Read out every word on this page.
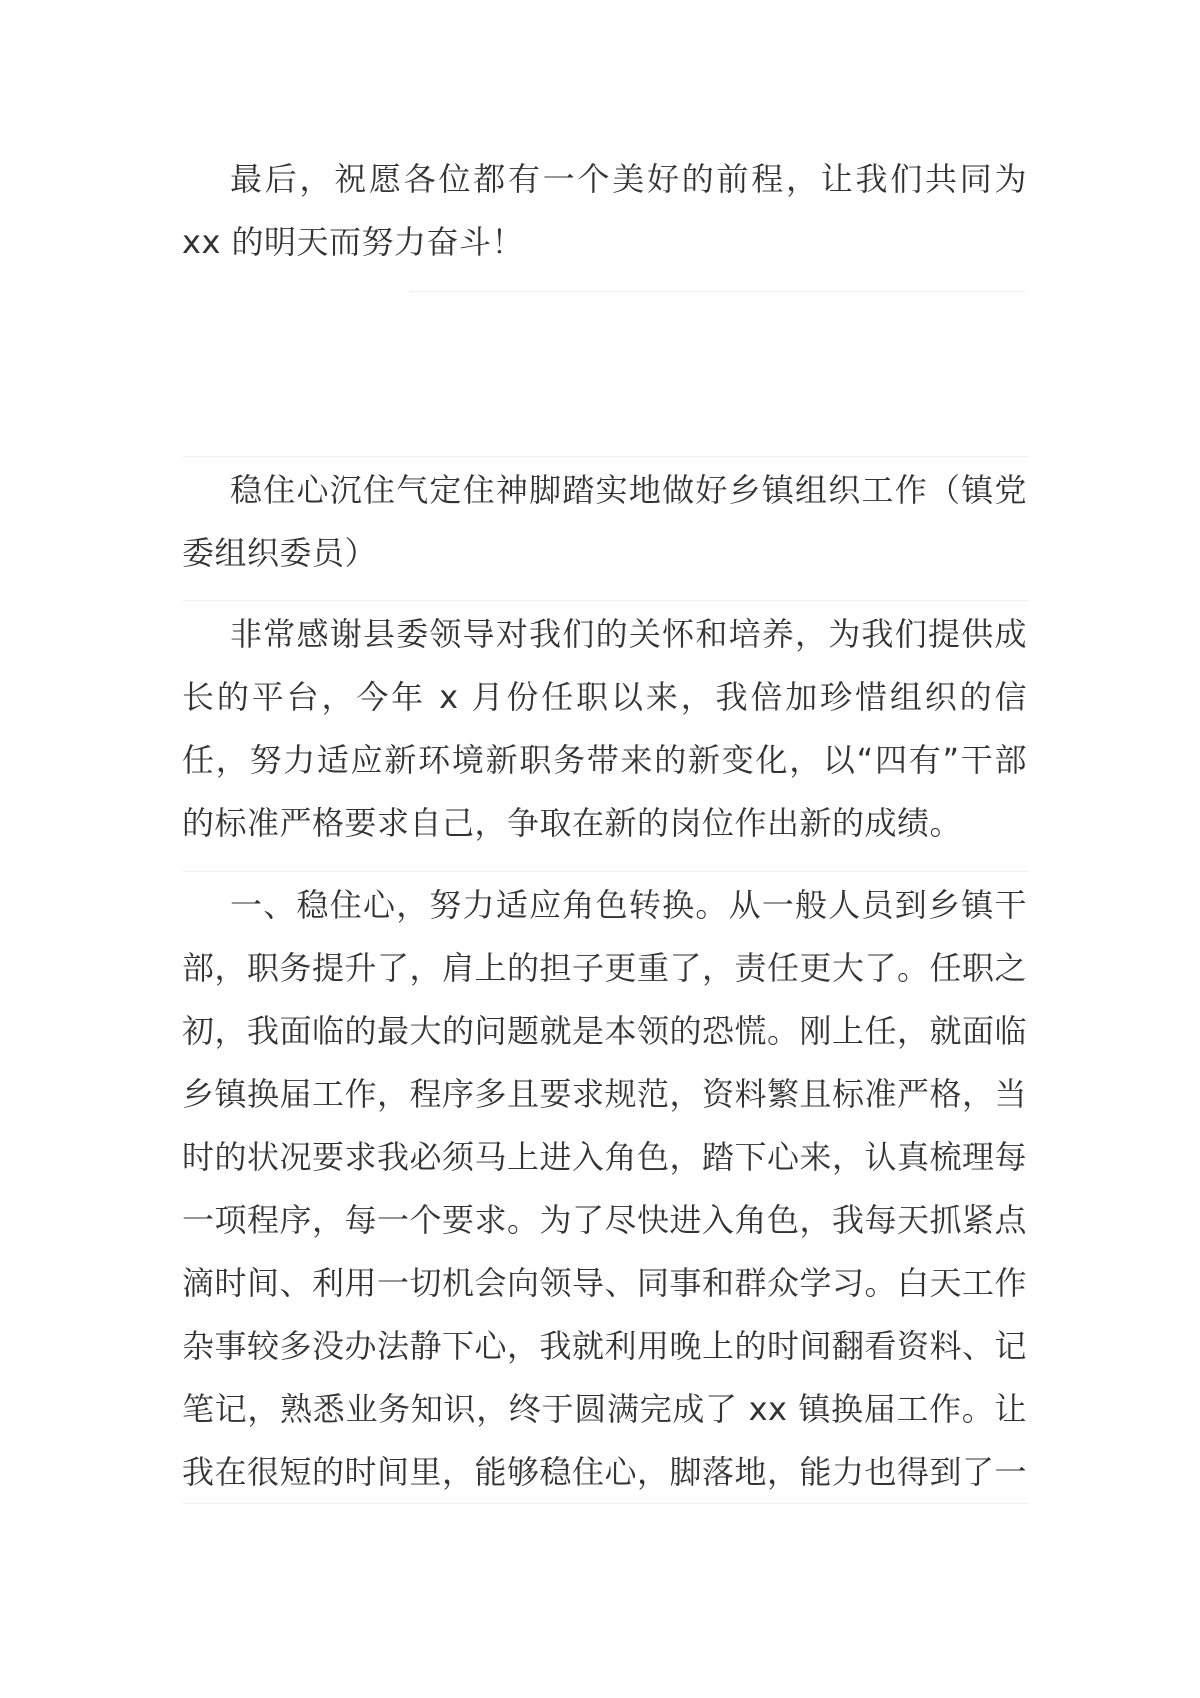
最后，祝愿各位都有一个美好的前程，让我们共同为 xx 的明天而努力奋斗！

稳住心沉住气定住神脚踏实地做好乡镇组织工作（镇党委组织委员）

非常感谢县委领导对我们的关怀和培养，为我们提供成长的平台，今年 x 月份任职以来，我倍加珍惜组织的信任，努力适应新环境新职务带来的新变化，以“四有”干部的标准严格要求自己，争取在新的岗位作出新的成绩。

一、稳住心，努力适应角色转换。从一般人员到乡镇干部，职务提升了，肩上的担子更重了，责任更大了。任职之初，我面临的最大的问题就是本领的恐慌。刚上任，就面临乡镇换届工作，程序多且要求规范，资料繁且标准严格，当时的状况要求我必须马上进入角色，踏下心来，认真梳理每一项程序，每一个要求。为了尽快进入角色，我每天抓紧点滴时间、利用一切机会向领导、同事和群众学习。白天工作杂事较多没办法静下心，我就利用晚上的时间翻看资料、记笔记，熟悉业务知识，终于圆满完成了 xx 镇换届工作。让我在很短的时间里，能够稳住心，脚落地，能力也得到了一
